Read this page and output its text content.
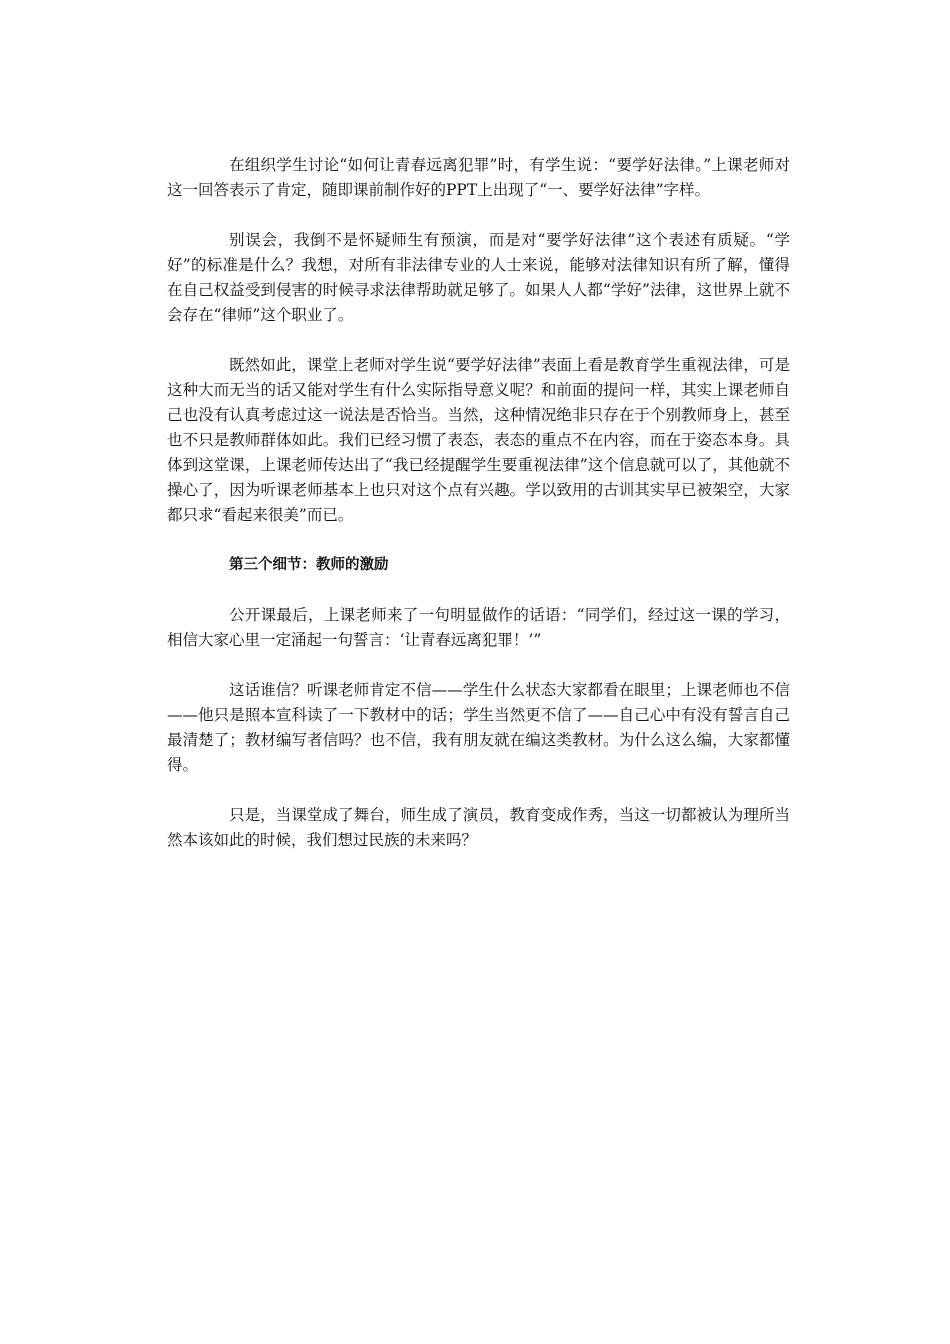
在组织学生讨论“如何让青春远离犯罪”时，有学生说：“要学好法律。”上课老师对这一回答表示了肯定，随即课前制作好的PPT上出现了“一、要学好法律”字样。

别误会，我倒不是怀疑师生有预演，而是对“要学好法律”这个表述有质疑。“学好”的标准是什么？我想，对所有非法律专业的人士来说，能够对法律知识有所了解，懂得在自己权益受到侵害的时候寻求法律帮助就足够了。如果人人都“学好”法律，这世界上就不会存在“律师”这个职业了。

既然如此，课堂上老师对学生说“要学好法律”表面上看是教育学生重视法律，可是这种大而无当的话又能对学生有什么实际指导意义呢？和前面的提问一样，其实上课老师自己也没有认真考虑过这一说法是否恰当。当然，这种情况绝非只存在于个别教师身上，甚至也不只是教师群体如此。我们已经习惯了表态，表态的重点不在内容，而在于姿态本身。具体到这堂课，上课老师传达出了“我已经提醒学生要重视法律”这个信息就可以了，其他就不操心了，因为听课老师基本上也只对这个点有兴趣。学以致用的古训其实早已被架空，大家都只求“看起来很美”而已。

第三个细节：教师的激励

公开课最后，上课老师来了一句明显做作的话语：“同学们，经过这一课的学习，相信大家心里一定涌起一句誓言：‘让青春远离犯罪！’”

这话谁信？听课老师肯定不信——学生什么状态大家都看在眼里；上课老师也不信——他只是照本宣科读了一下教材中的话；学生当然更不信了——自己心中有没有誓言自己最清楚了；教材编写者信吗？也不信，我有朋友就在编这类教材。为什么这么编，大家都懂得。

只是，当课堂成了舞台，师生成了演员，教育变成作秀，当这一切都被认为理所当然本该如此的时候，我们想过民族的未来吗？
